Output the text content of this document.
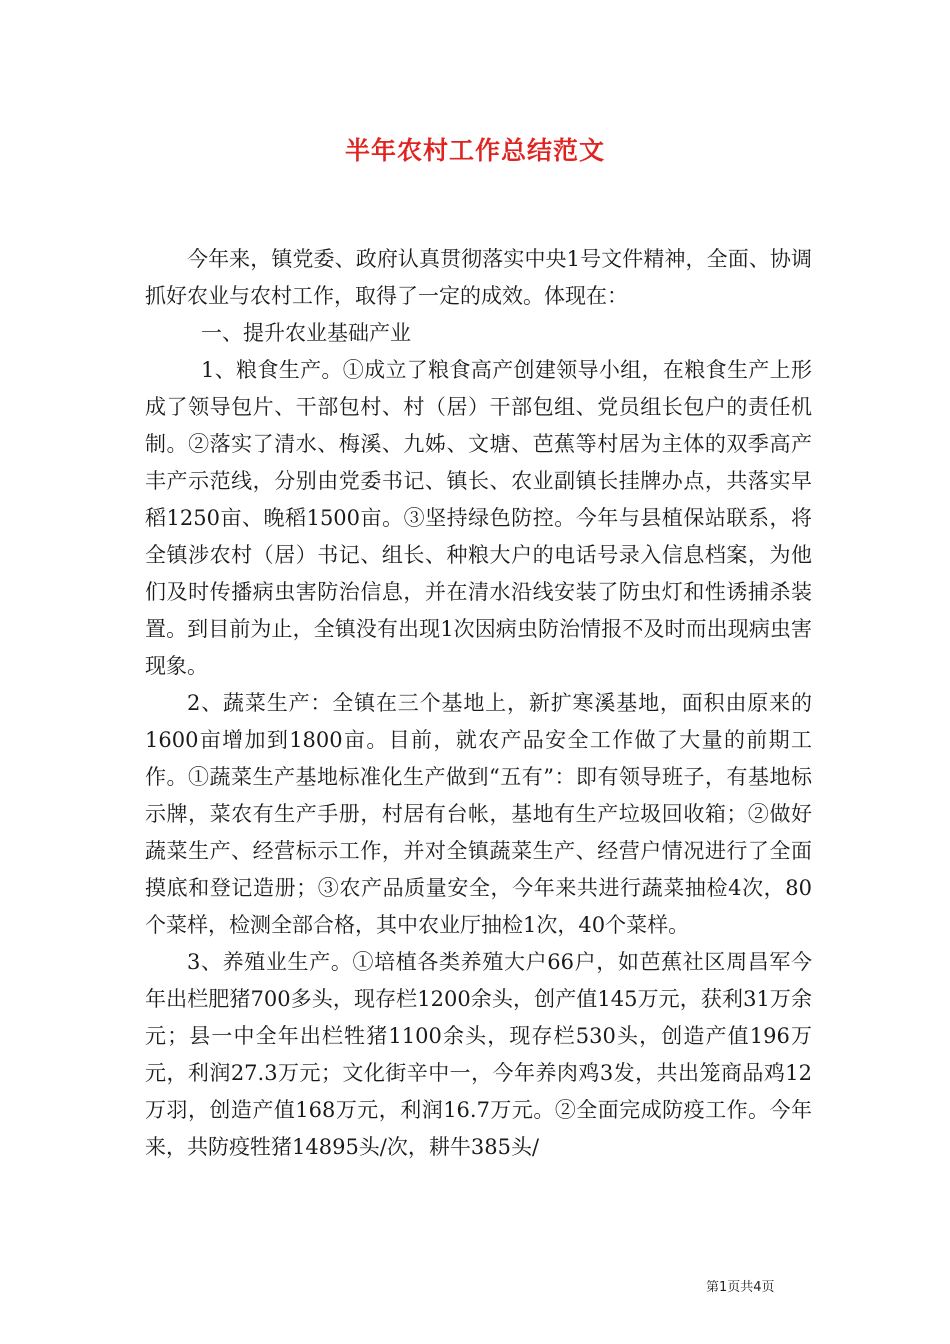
半年农村工作总结范文

今年来，镇党委、政府认真贯彻落实中央1号文件精神，全面、协调抓好农业与农村工作，取得了一定的成效。体现在：

一、提升农业基础产业

1、粮食生产。①成立了粮食高产创建领导小组，在粮食生产上形成了领导包片、干部包村、村（居）干部包组、党员组长包户的责任机制。②落实了清水、梅溪、九姊、文塘、芭蕉等村居为主体的双季高产丰产示范线，分别由党委书记、镇长、农业副镇长挂牌办点，共落实早稻1250亩、晚稻1500亩。③坚持绿色防控。今年与县植保站联系，将全镇涉农村（居）书记、组长、种粮大户的电话号录入信息档案，为他们及时传播病虫害防治信息，并在清水沿线安装了防虫灯和性诱捕杀装置。到目前为止，全镇没有出现1次因病虫防治情报不及时而出现病虫害现象。

2、蔬菜生产：全镇在三个基地上，新扩寒溪基地，面积由原来的1600亩增加到1800亩。目前，就农产品安全工作做了大量的前期工作。①蔬菜生产基地标准化生产做到“五有”：即有领导班子，有基地标示牌，菜农有生产手册，村居有台帐，基地有生产垃圾回收箱；②做好蔬菜生产、经营标示工作，并对全镇蔬菜生产、经营户情况进行了全面摸底和登记造册；③农产品质量安全，今年来共进行蔬菜抽检4次，80个菜样，检测全部合格，其中农业厅抽检1次，40个菜样。

3、养殖业生产。①培植各类养殖大户66户，如芭蕉社区周昌军今年出栏肥猪700多头，现存栏1200余头，创产值145万元，获利31万余元；县一中全年出栏牲猪1100余头，现存栏530头，创造产值196万元，利润27.3万元；文化街辛中一，今年养肉鸡3发，共出笼商品鸡12万羽，创造产值168万元，利润16.7万元。②全面完成防疫工作。今年来，共防疫牲猪14895头/次，耕牛385头/

第1页共4页
